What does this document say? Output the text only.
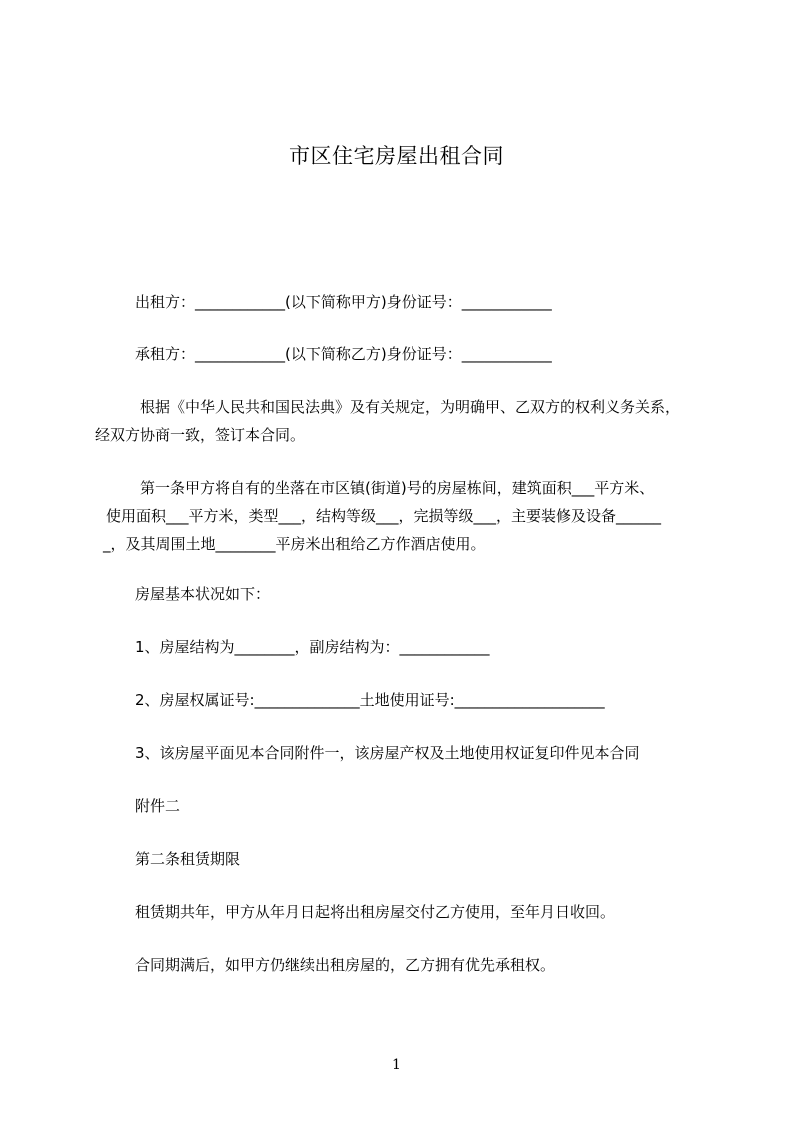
市区住宅房屋出租合同
出租方：____________(以下简称甲方)身份证号：____________
承租方：____________(以下简称乙方)身份证号：____________
根据《中华人民共和国民法典》及有关规定，为明确甲、乙双方的权利义务关系，
经双方协商一致，签订本合同。
第一条甲方将自有的坐落在市区镇(街道)号的房屋栋间，建筑面积___平方米、
使用面积___平方米，类型___，结构等级___，完损等级___，主要装修及设备______
_，及其周围土地________平房米出租给乙方作酒店使用。
房屋基本状况如下：
1、房屋结构为________，副房结构为：____________
2、房屋权属证号:______________土地使用证号:____________________
3、该房屋平面见本合同附件一，该房屋产权及土地使用权证复印件见本合同
附件二
第二条租赁期限
租赁期共年，甲方从年月日起将出租房屋交付乙方使用，至年月日收回。
合同期满后，如甲方仍继续出租房屋的，乙方拥有优先承租权。
1
